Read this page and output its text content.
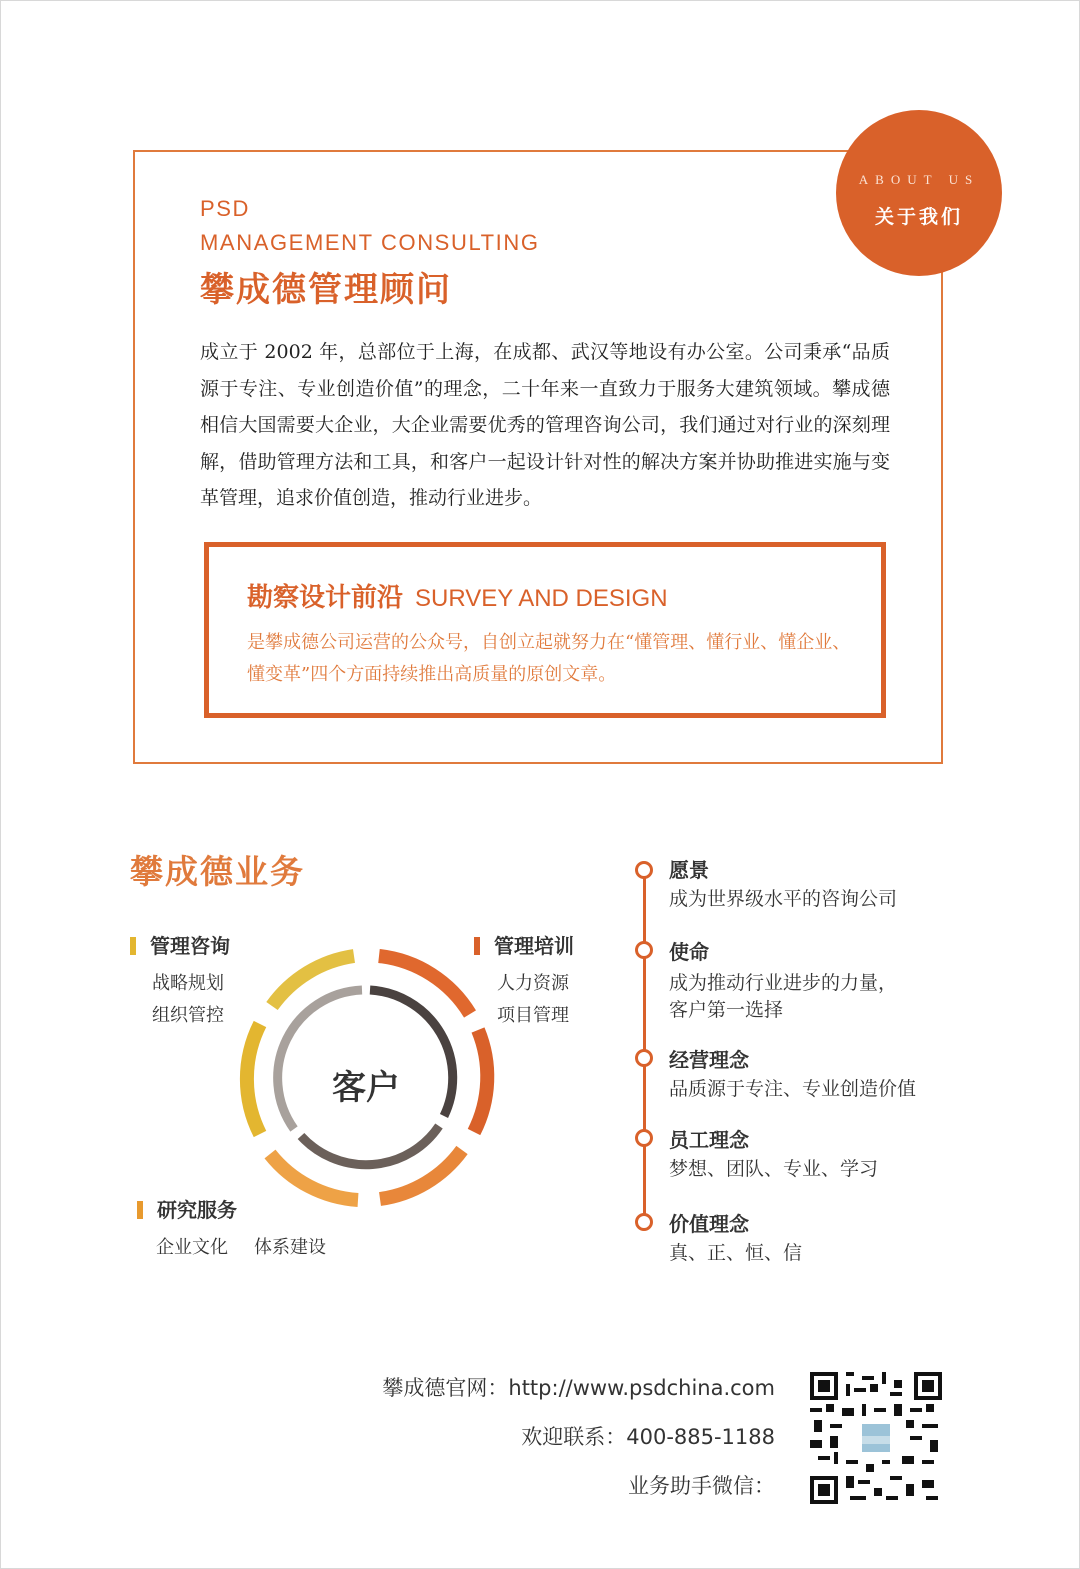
ABOUT US
关于我们
PSD
MANAGEMENT CONSULTING
攀成德管理顾问
成立于 2002 年，总部位于上海，在成都、武汉等地设有办公室。公司秉承“品质源于专注、专业创造价值”的理念，二十年来一直致力于服务大建筑领域。攀成德相信大国需要大企业，大企业需要优秀的管理咨询公司，我们通过对行业的深刻理解，借助管理方法和工具，和客户一起设计针对性的解决方案并协助推进实施与变革管理，追求价值创造，推动行业进步。
勘察设计前沿 SURVEY AND DESIGN
是攀成德公司运营的公众号，自创立起就努力在“懂管理、懂行业、懂企业、懂变革”四个方面持续推出高质量的原创文章。
攀成德业务
管理咨询
战略规划
组织管控
管理培训
人力资源
项目管理
研究服务
企业文化 体系建设
客户
愿景
成为世界级水平的咨询公司
使命
成为推动行业进步的力量，
客户第一选择
经营理念
品质源于专注、专业创造价值
员工理念
梦想、团队、专业、学习
价值理念
真、正、恒、信
攀成德官网：http://www.psdchina.com
欢迎联系：400-885-1188
业务助手微信：
